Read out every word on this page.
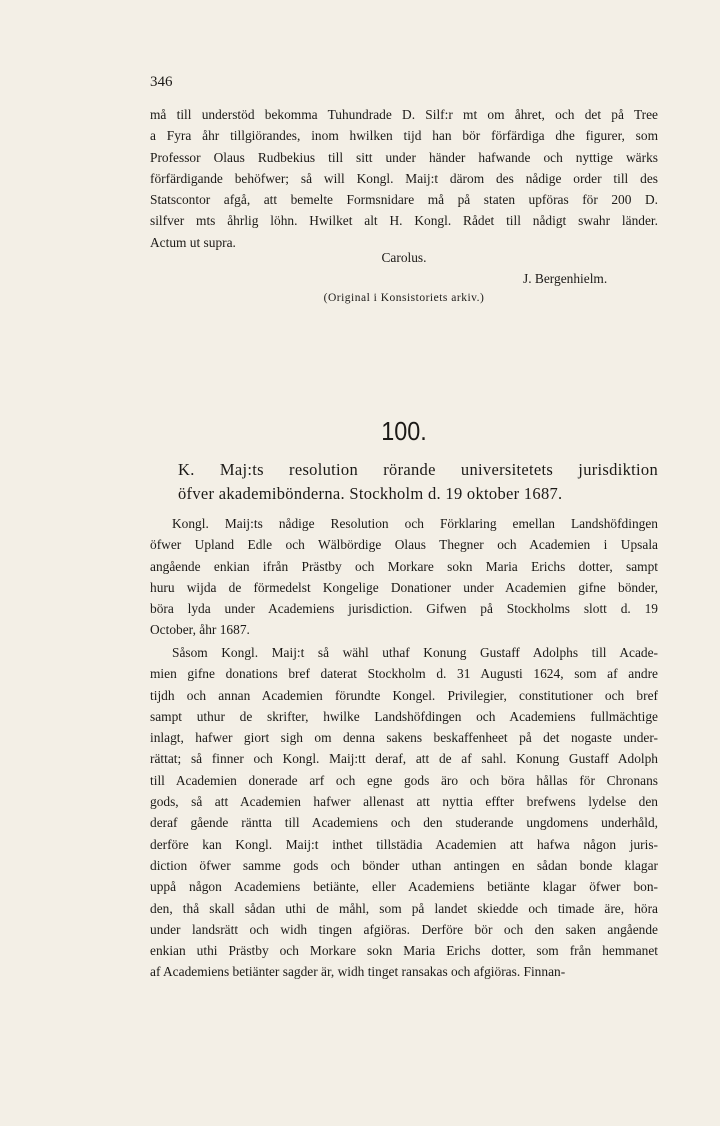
346
må till understöd bekomma Tuhundrade D. Silf:r mt om åhret, och det på Tree
a Fyra åhr tillgiörandes, inom hwilken tijd han bör förfärdiga dhe figurer, som
Professor Olaus Rudbekius till sitt under händer hafwande och nyttige wärks
förfärdigande behöfwer; så will Kongl. Maij:t därom des nådige order till des
Statscontor afgå, att bemelte Formsnidare må på staten upföras för 200 D.
silfver mts åhrlig löhn. Hwilket alt H. Kongl. Rådet till nådigt swahr länder.
Actum ut supra.
Carolus.
J. Bergenhielm.
(Original i Konsistoriets arkiv.)
100.
K. Maj:ts resolution rörande universitetets jurisdiktion
öfver akademibönderna. Stockholm d. 19 oktober 1687.
Kongl. Maij:ts nådige Resolution och Förklaring emellan Landshöfdingen
öfwer Upland Edle och Wälbördige Olaus Thegner och Academien i Upsala
angående enkian ifrån Prästby och Morkare sokn Maria Erichs dotter, sampt
huru wijda de förmedelst Kongelige Donationer under Academien gifne bönder,
böra lyda under Academiens jurisdiction. Gifwen på Stockholms slott d. 19
October, åhr 1687.
Såsom Kongl. Maij:t så wähl uthaf Konung Gustaff Adolphs till Acade-
mien gifne donations bref daterat Stockholm d. 31 Augusti 1624, som af andre
tijdh och annan Academien förundte Kongel. Privilegier, constitutioner och bref
sampt uthur de skrifter, hwilke Landshöfdingen och Academiens fullmächtige
inlagt, hafwer giort sigh om denna sakens beskaffenheet på det nogaste under-
rättat; så finner och Kongl. Maij:tt deraf, att de af sahl. Konung Gustaff Adolph
till Academien donerade arf och egne gods äro och böra hållas för Chronans
gods, så att Academien hafwer allenast att nyttia effter brefwens lydelse den
deraf gående räntta till Academiens och den studerande ungdomens underhåld,
derföre kan Kongl. Maij:t inthet tillstädia Academien att hafwa någon juris-
diction öfwer samme gods och bönder uthan antingen en sådan bonde klagar
uppå någon Academiens betiänte, eller Academiens betiänte klagar öfwer bon-
den, thå skall sådan uthi de måhl, som på landet skiedde och timade äre, höra
under landsrätt och widh tingen afgiöras. Derföre bör och den saken angående
enkian uthi Prästby och Morkare sokn Maria Erichs dotter, som från hemmanet
af Academiens betiänter sagder är, widh tinget ransakas och afgiöras. Finnan-
